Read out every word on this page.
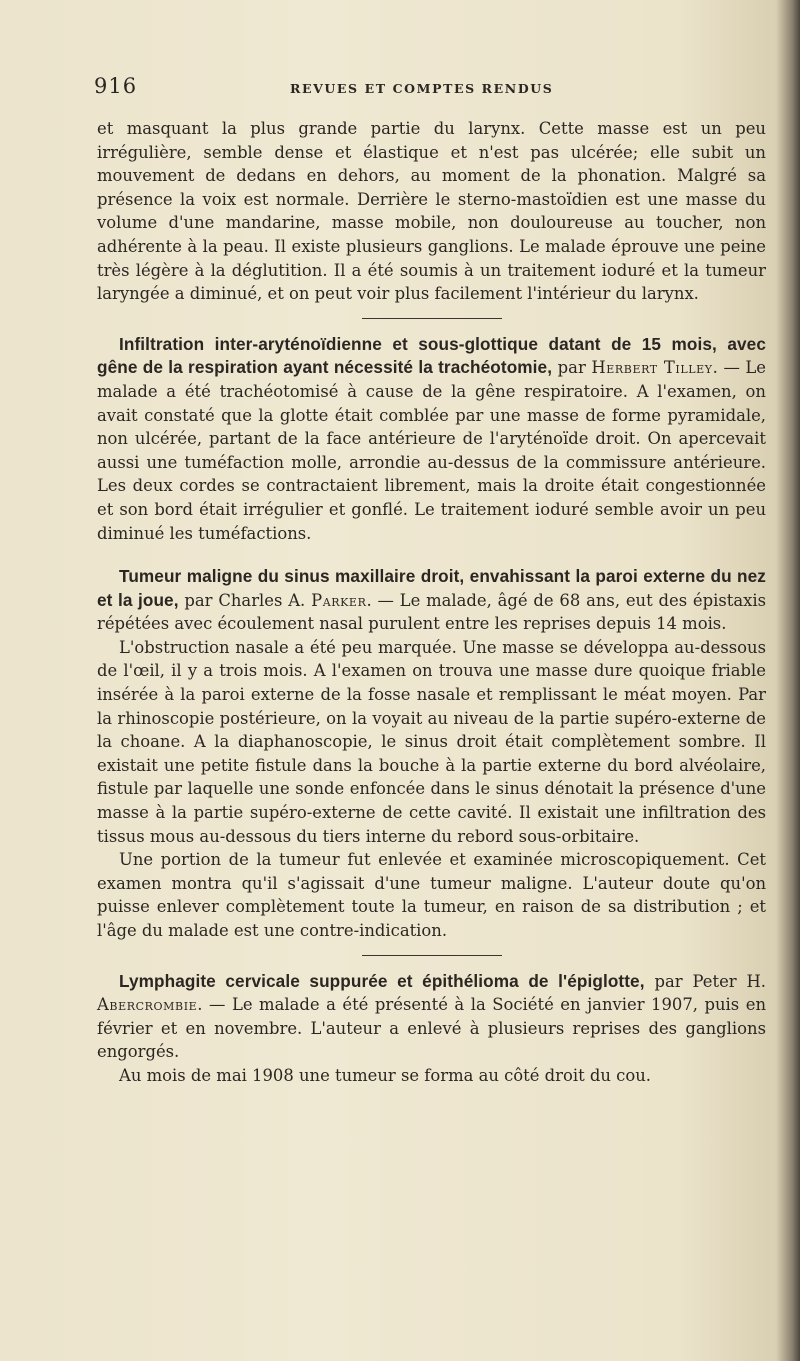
916	REVUES ET COMPTES RENDUS

et masquant la plus grande partie du larynx. Cette masse est un peu irrégulière, semble dense et élastique et n'est pas ulcérée; elle subit un mouvement de dedans en dehors, au moment de la phonation. Malgré sa présence la voix est normale. Derrière le sterno-mastoïdien est une masse du volume d'une mandarine, masse mobile, non douloureuse au toucher, non adhérente à la peau. Il existe plusieurs ganglions. Le malade éprouve une peine très légère à la déglutition. Il a été soumis à un traitement ioduré et la tumeur laryngée a diminué, et on peut voir plus facilement l'intérieur du larynx.

Infiltration inter-aryténoïdienne et sous-glottique datant de 15 mois, avec gêne de la respiration ayant nécessité la trachéotomie, par Herbert Tilley. — Le malade a été trachéotomisé à cause de la gêne respiratoire. A l'examen, on avait constaté que la glotte était comblée par une masse de forme pyramidale, non ulcérée, partant de la face antérieure de l'aryténoïde droit. On apercevait aussi une tuméfaction molle, arrondie au-dessus de la commissure antérieure. Les deux cordes se contractaient librement, mais la droite était congestionnée et son bord était irrégulier et gonflé. Le traitement ioduré semble avoir un peu diminué les tuméfactions.

Tumeur maligne du sinus maxillaire droit, envahissant la paroi externe du nez et la joue, par Charles A. Parker. — Le malade, âgé de 68 ans, eut des épistaxis répétées avec écoulement nasal purulent entre les reprises depuis 14 mois.

L'obstruction nasale a été peu marquée. Une masse se développa au-dessous de l'œil, il y a trois mois. A l'examen on trouva une masse dure quoique friable insérée à la paroi externe de la fosse nasale et remplissant le méat moyen. Par la rhinoscopie postérieure, on la voyait au niveau de la partie supéro-externe de la choane. A la diaphanoscopie, le sinus droit était complètement sombre. Il existait une petite fistule dans la bouche à la partie externe du bord alvéolaire, fistule par laquelle une sonde enfoncée dans le sinus dénotait la présence d'une masse à la partie supéro-externe de cette cavité. Il existait une infiltration des tissus mous au-dessous du tiers interne du rebord sous-orbitaire.

Une portion de la tumeur fut enlevée et examinée microscopiquement. Cet examen montra qu'il s'agissait d'une tumeur maligne. L'auteur doute qu'on puisse enlever complètement toute la tumeur, en raison de sa distribution ; et l'âge du malade est une contre-indication.

Lymphagite cervicale suppurée et épithélioma de l'épiglotte, par Peter H. Abercrombie. — Le malade a été présenté à la Société en janvier 1907, puis en février et en novembre. L'auteur a enlevé à plusieurs reprises des ganglions engorgés.

Au mois de mai 1908 une tumeur se forma au côté droit du cou.
